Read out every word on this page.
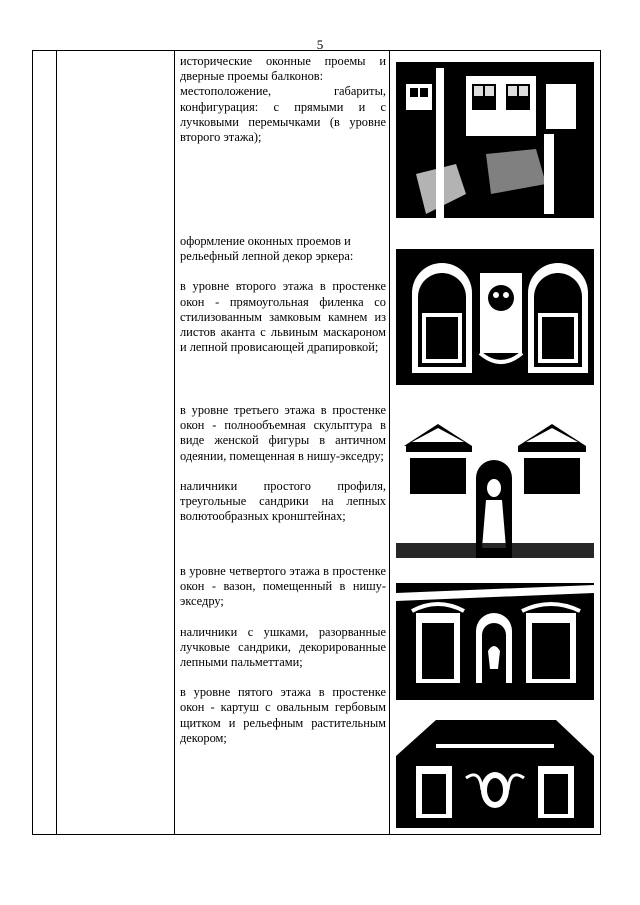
5

исторические оконные проемы и дверные проемы балконов:

местоположение, габариты, конфигурация: с прямыми и с лучковыми перемычками (в уровне второго этажа);

оформление оконных проемов и рельефный лепной декор эркера:

в уровне второго этажа в простенке окон - прямоугольная филенка со стилизованным замковым камнем из листов аканта с львиным маскароном и лепной провисающей драпировкой;

в уровне третьего этажа в простенке окон - полнообъемная скульптура в виде женской фигуры в античном одеянии, помещенная в нишу-экседру;

наличники простого профиля, треугольные сандрики на лепных волютообразных кронштейнах;

в уровне четвертого этажа в простенке окон - вазон, помещенный в нишу-экседру;

наличники с ушками, разорванные лучковые сандрики, декорированные лепными пальметтами;

в уровне пятого этажа в простенке окон - картуш с овальным гербовым щитком и рельефным растительным декором;
